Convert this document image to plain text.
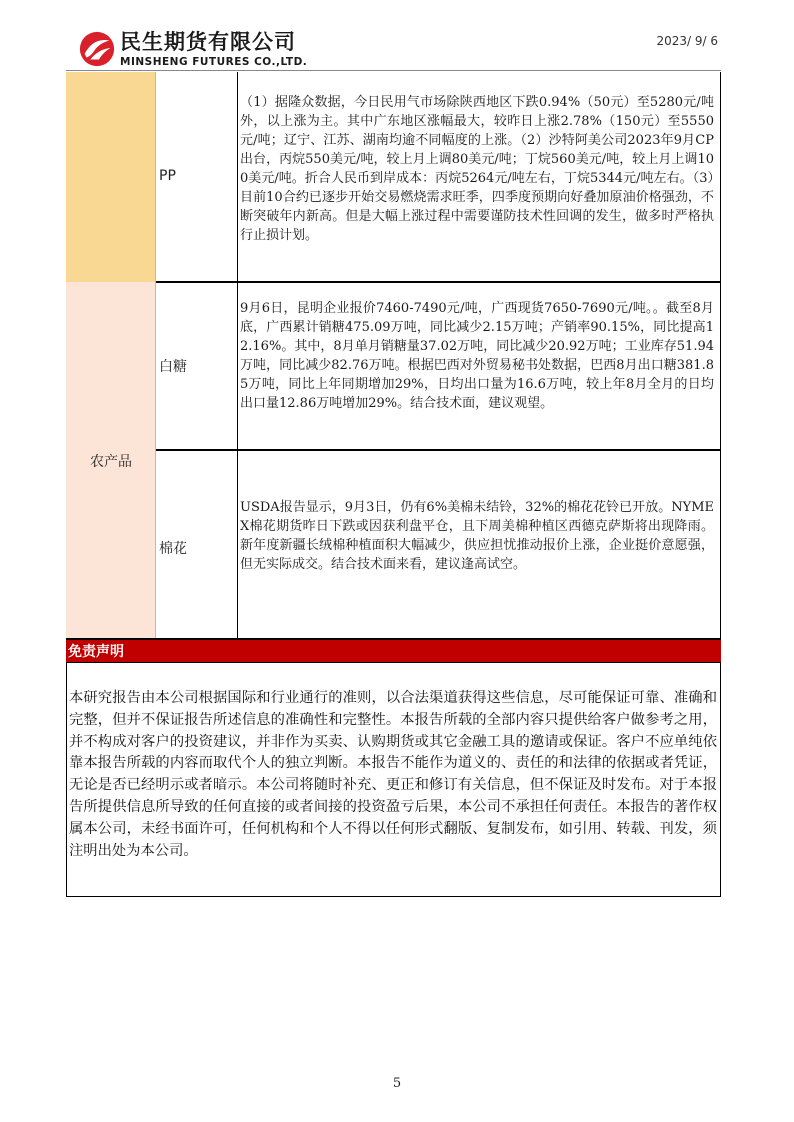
民生期货有限公司
MINSHENG FUTURES CO.,LTD.
2023/ 9/ 6
农产品
PP
白糖
棉花
（1）据隆众数据，今日民用气市场除陕西地区下跌0.94%（50元）至5280元/吨外，以上涨为主。其中广东地区涨幅最大，较昨日上涨2.78%（150元）至5550元/吨；辽宁、江苏、湖南均逾不同幅度的上涨。（2）沙特阿美公司2023年9月CP出台，丙烷550美元/吨，较上月上调80美元/吨；丁烷560美元/吨，较上月上调100美元/吨。折合人民币到岸成本：丙烷5264元/吨左右，丁烷5344元/吨左右。（3）目前10合约已逐步开始交易燃烧需求旺季，四季度预期向好叠加原油价格强劲，不断突破年内新高。但是大幅上涨过程中需要谨防技术性回调的发生，做多时严格执行止损计划。
9月6日，昆明企业报价7460-7490元/吨，广西现货7650-7690元/吨。。截至8月底，广西累计销糖475.09万吨，同比减少2.15万吨；产销率90.15%，同比提高12.16%。其中，8月单月销糖量37.02万吨，同比减少20.92万吨；工业库存51.94万吨，同比减少82.76万吨。根据巴西对外贸易秘书处数据，巴西8月出口糖381.85万吨，同比上年同期增加29%，日均出口量为16.6万吨，较上年8月全月的日均出口量12.86万吨增加29%。结合技术面，建议观望。
USDA报告显示，9月3日，仍有6%美棉未结铃，32%的棉花花铃已开放。NYMEX棉花期货昨日下跌或因获利盘平仓，且下周美棉种植区西德克萨斯将出现降雨。新年度新疆长绒棉种植面积大幅减少，供应担忧推动报价上涨，企业挺价意愿强，但无实际成交。结合技术面来看，建议逢高试空。
免责声明
本研究报告由本公司根据国际和行业通行的准则，以合法渠道获得这些信息，尽可能保证可靠、准确和完整，但并不保证报告所述信息的准确性和完整性。本报告所载的全部内容只提供给客户做参考之用，并不构成对客户的投资建议，并非作为买卖、认购期货或其它金融工具的邀请或保证。客户不应单纯依靠本报告所载的内容而取代个人的独立判断。本报告不能作为道义的、责任的和法律的依据或者凭证，无论是否已经明示或者暗示。本公司将随时补充、更正和修订有关信息，但不保证及时发布。对于本报告所提供信息所导致的任何直接的或者间接的投资盈亏后果，本公司不承担任何责任。本报告的著作权属本公司，未经书面许可，任何机构和个人不得以任何形式翻版、复制发布，如引用、转载、刊发，须注明出处为本公司。
5
